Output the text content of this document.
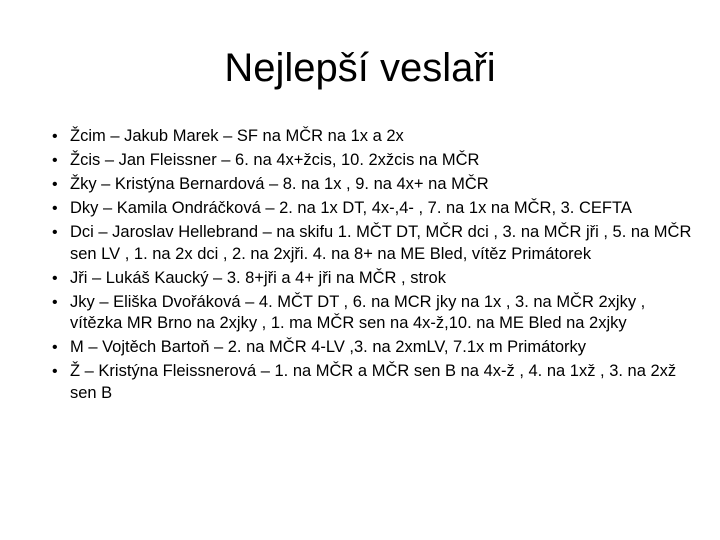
Nejlepší veslaři
• Žcim – Jakub Marek – SF na MČR na 1x a 2x
• Žcis – Jan Fleissner – 6. na 4x+žcis, 10. 2xžcis na MČR
• Žky – Kristýna Bernardová – 8. na 1x , 9. na 4x+ na MČR
• Dky – Kamila Ondráčková – 2. na 1x DT, 4x-,4- , 7. na 1x na MČR, 3. CEFTA
• Dci – Jaroslav Hellebrand – na skifu 1. MČT DT, MČR dci , 3. na MČR jři , 5. na MČR sen LV , 1. na 2x dci , 2. na 2xjři. 4. na 8+ na ME Bled, vítěz Primátorek
• Jři – Lukáš Kaucký – 3. 8+jři a 4+ jři na MČR , strok
• Jky – Eliška Dvořáková – 4. MČT DT , 6. na MCR jky na 1x , 3. na MČR 2xjky , vítězka MR Brno na 2xjky , 1. ma MČR sen na 4x-ž,10. na ME Bled na 2xjky
• M – Vojtěch Bartoň – 2. na MČR 4-LV ,3. na 2xmLV, 7.1x m Primátorky
• Ž – Kristýna Fleissnerová – 1. na MČR a MČR sen B na 4x-ž , 4. na 1xž , 3. na 2xž sen B
